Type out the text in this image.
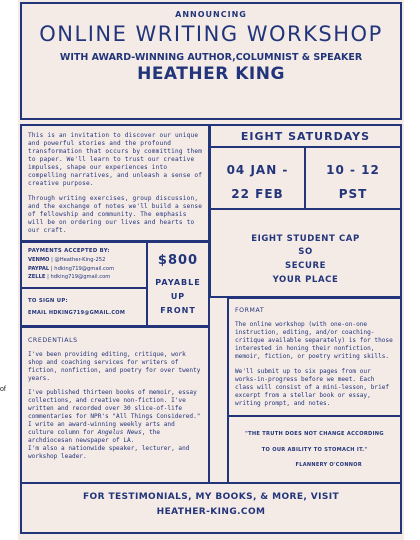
of
ANNOUNCING
ONLINE WRITING WORKSHOP
WITH AWARD-WINNING AUTHOR,COLUMNIST & SPEAKER
HEATHER KING

This is an invitation to discover our unique and powerful stories and the profound transformation that occurs by committing them to paper. We'll learn to trust our creative impulses, shape our experiences into compelling narratives, and unleash a sense of creative purpose.

Through writing exercises, group discussion, and the exchange of notes we'll build a sense of fellowship and community. The emphasis will be on ordering our lives and hearts to our craft.

EIGHT SATURDAYS
04 JAN -
22 FEB
10 - 12
PST
PAYMENTS ACCEPTED BY:
VENMO | @Heather-King-252
PAYPAL | hdking719@gmail.com
ZELLE | hdking719@gmail.com
TO SIGN UP:
EMAIL HDKING719@GMAIL.COM
$800
PAYABLE
UP
FRONT
EIGHT STUDENT CAP
SO
SECURE
YOUR PLACE
CREDENTIALS

I've been providing editing, critique, work shop and coaching services for writers of fiction, nonfiction, and poetry for over twenty years.

I've published thirteen books of memoir, essay collections, and creative non-fiction. I've written and recorded over 30 slice-of-life commentaries for NPR's "All Things Considered." I write an award-winning weekly arts and culture column for Angelus News, the archdiocesan newspaper of LA.

I'm also a nationwide speaker, lecturer, and workshop leader.

FORMAT

The online workshop (with one-on-one instruction, editing, and/or coaching-critique available separately) is for those interested in honing their nonfiction, memoir, fiction, or poetry writing skills.

We'll submit up to six pages from our works-in-progress before we meet. Each class will consist of a mini-lesson, brief excerpt from a stellar book or essay, writing prompt, and notes.

"THE TRUTH DOES NOT CHANGE ACCORDING
TO OUR ABILITY TO STOMACH IT."
FLANNERY O'CONNOR
FOR TESTIMONIALS, MY BOOKS, & MORE, VISIT
HEATHER-KING.COM
